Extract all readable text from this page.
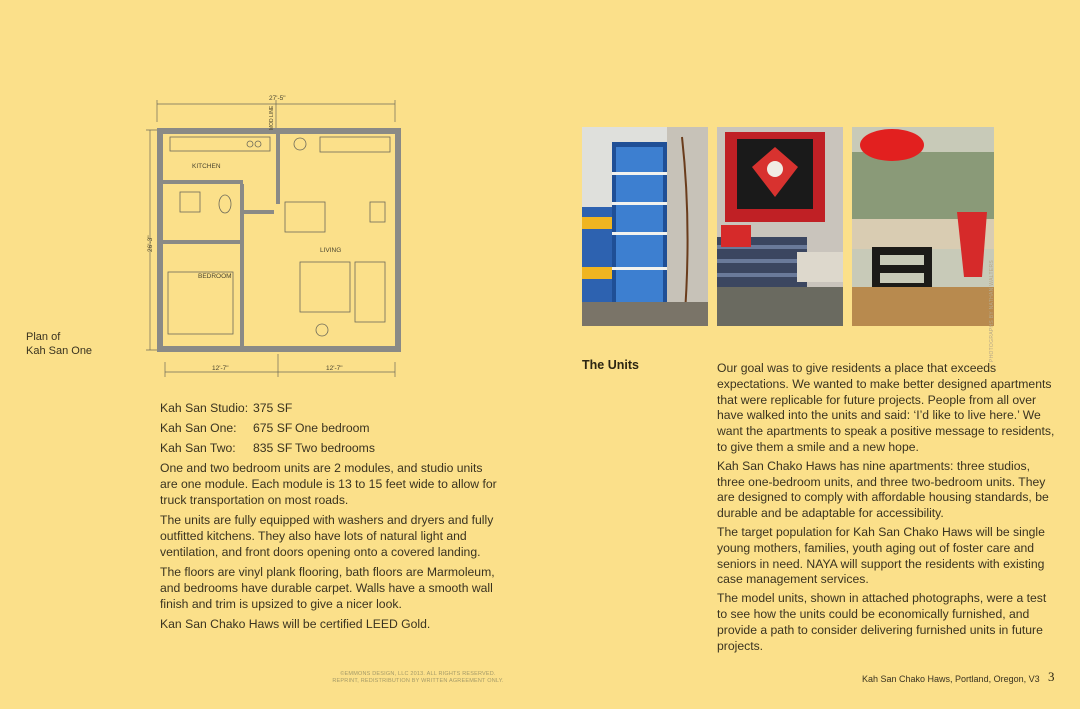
Plan of
Kah San One
27'-5"
KITCHEN
LIVING
BEDROOM
12'-7"	12'-7"
26'-3"
MOD LINE
Kah San Studio: 375 SF
Kah San One:	675 SF One bedroom
Kah San Two:	835 SF Two bedrooms

One and two bedroom units are 2 modules, and studio units are one module. Each module is 13 to 15 feet wide to allow for truck transportation on most roads.

The units are fully equipped with washers and dryers and fully outfitted kitchens. They also have lots of natural light and ventilation, and front doors opening onto a covered landing.

The floors are vinyl plank flooring, bath floors are Marmoleum, and bedrooms have durable carpet. Walls have a smooth wall finish and trim is upsized to give a nicer look.

Kan San Chako Haws will be certified LEED Gold.

©EMMONS DESIGN, LLC 2013. ALL RIGHTS RESERVED.
REPRINT, REDISTRIBUTION BY WRITTEN AGREEMENT ONLY.
PHOTOGRAPHS BY NATHAN WALTERS
The Units	Our goal was to give residents a place that exceeds expectations. We wanted to make better designed apartments that were replicable for future projects. People from all over have walked into the units and said: ‘I’d like to live here.’ We want the apartments to speak a positive message to residents, to give them a smile and a new hope.

Kah San Chako Haws has nine apartments: three studios, three one-bedroom units, and three two-bedroom units. They are designed to comply with affordable housing standards, be durable and be adaptable for accessibility.

The target population for Kah San Chako Haws will be single young mothers, families, youth aging out of foster care and seniors in need. NAYA will support the residents with existing case management services.

The model units, shown in attached photographs, were a test to see how the units could be economically furnished, and provide a path to consider delivering furnished units in future projects.

Kah San Chako Haws, Portland, Oregon, V3 3
